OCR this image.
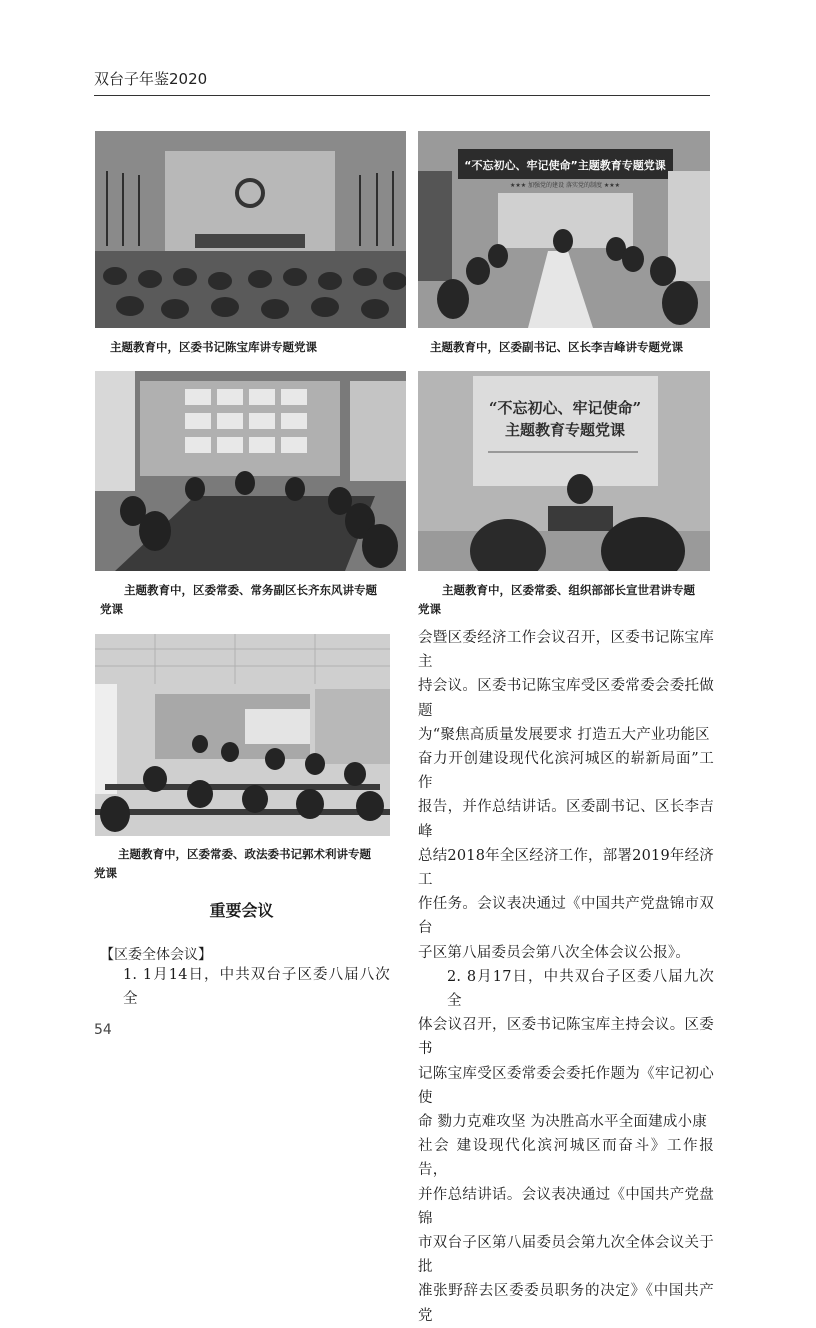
双台子年鉴2020
主题教育中，区委书记陈宝库讲专题党课
“不忘初心、牢记使命”主题教育专题党课
★★★ 加强党的建设 落实党的制度 ★★★
主题教育中，区委副书记、区长李吉峰讲专题党课
主题教育中，区委常委、常务副区长齐东风讲专题
党课
“不忘初心、牢记使命”
主题教育专题党课
主题教育中，区委常委、组织部部长宣世君讲专题
党课
主题教育中，区委常委、政法委书记郭术利讲专题
党课
重要会议
【区委全体会议】
1. 1月14日，中共双台子区委八届八次全
会暨区委经济工作会议召开，区委书记陈宝库主
持会议。区委书记陈宝库受区委常委会委托做题
为“聚焦高质量发展要求 打造五大产业功能区
奋力开创建设现代化滨河城区的崭新局面”工作
报告，并作总结讲话。区委副书记、区长李吉峰
总结2018年全区经济工作，部署2019年经济工
作任务。会议表决通过《中国共产党盘锦市双台
子区第八届委员会第八次全体会议公报》。
2. 8月17日，中共双台子区委八届九次全
体会议召开，区委书记陈宝库主持会议。区委书
记陈宝库受区委常委会委托作题为《牢记初心使
命 勠力克难攻坚 为决胜高水平全面建成小康
社会 建设现代化滨河城区而奋斗》工作报告，
并作总结讲话。会议表决通过《中国共产党盘锦
市双台子区第八届委员会第九次全体会议关于批
准张野辞去区委委员职务的决定》《中国共产党
54
